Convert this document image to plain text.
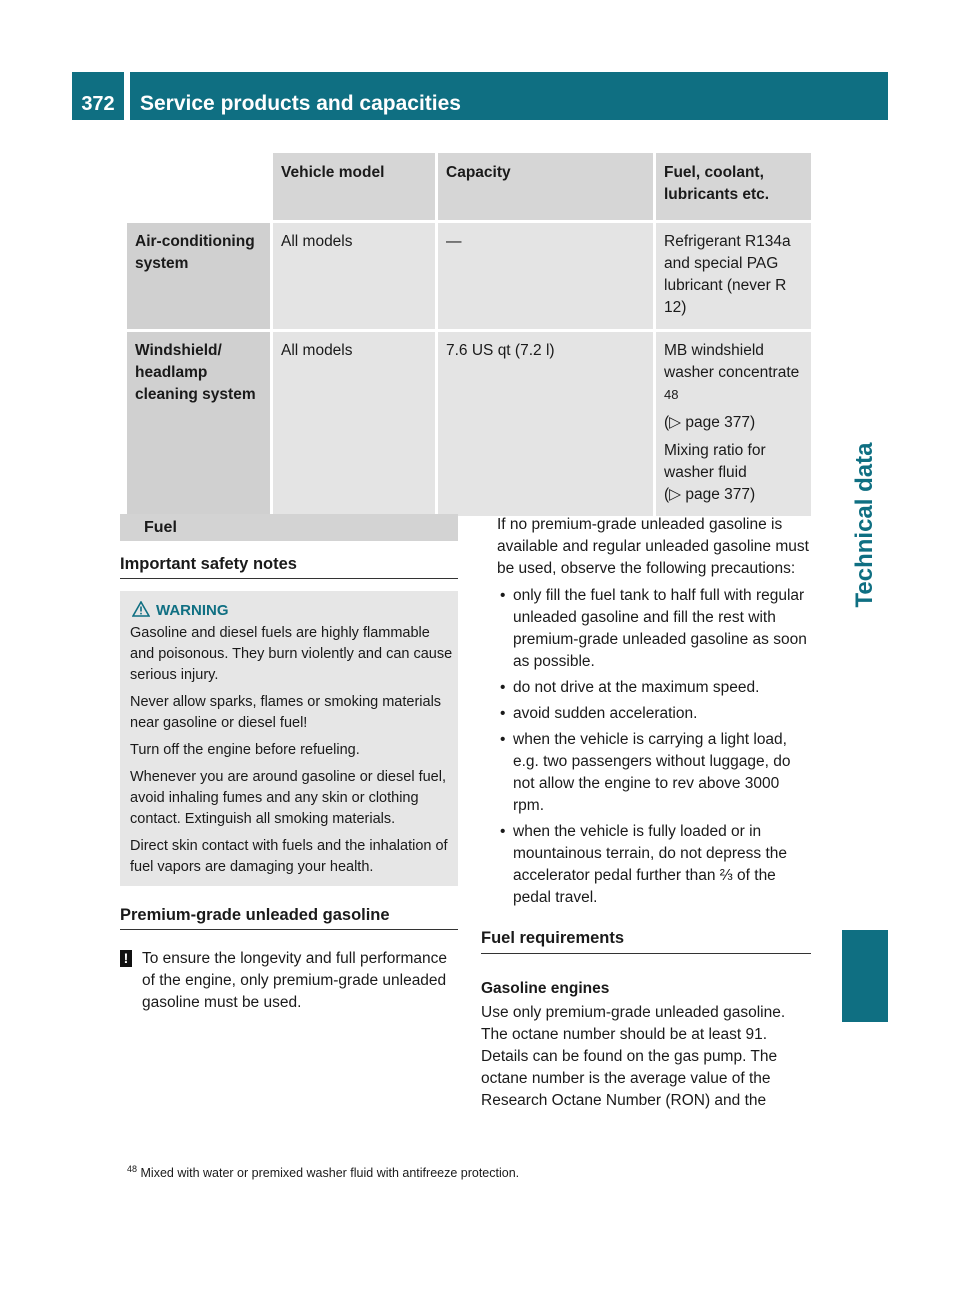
372	Service products and capacities
Technical data
	Vehicle model	Capacity	Fuel, coolant, lubricants etc.
Air-conditioning system	All models	—	Refrigerant R134a and special PAG lubricant (never R 12)
Windshield/ headlamp cleaning system	All models	7.6 US qt (7.2 l)	MB windshield washer concentrate$^{48}$
(▷ page 377)
Mixing ratio for washer fluid
(▷ page 377)
Fuel
Important safety notes
WARNING

Gasoline and diesel fuels are highly flammable and poisonous. They burn violently and can cause serious injury.

Never allow sparks, flames or smoking materials near gasoline or diesel fuel!

Turn off the engine before refueling.

Whenever you are around gasoline or diesel fuel, avoid inhaling fumes and any skin or clothing contact. Extinguish all smoking materials.

Direct skin contact with fuels and the inhalation of fuel vapors are damaging your health.

Premium-grade unleaded gasoline
! To ensure the longevity and full performance of the engine, only premium-grade unleaded gasoline must be used.

If no premium-grade unleaded gasoline is available and regular unleaded gasoline must be used, observe the following precautions:

• only fill the fuel tank to half full with regular unleaded gasoline and fill the rest with premium-grade unleaded gasoline as soon as possible.
• do not drive at the maximum speed.
• avoid sudden acceleration.
• when the vehicle is carrying a light load, e.g. two passengers without luggage, do not allow the engine to rev above 3000 rpm.
• when the vehicle is fully loaded or in mountainous terrain, do not depress the accelerator pedal further than ⅔ of the pedal travel.
Fuel requirements
Gasoline engines

Use only premium-grade unleaded gasoline. The octane number should be at least 91. Details can be found on the gas pump. The octane number is the average value of the Research Octane Number (RON) and the

$^{48}$ Mixed with water or premixed washer fluid with antifreeze protection.
